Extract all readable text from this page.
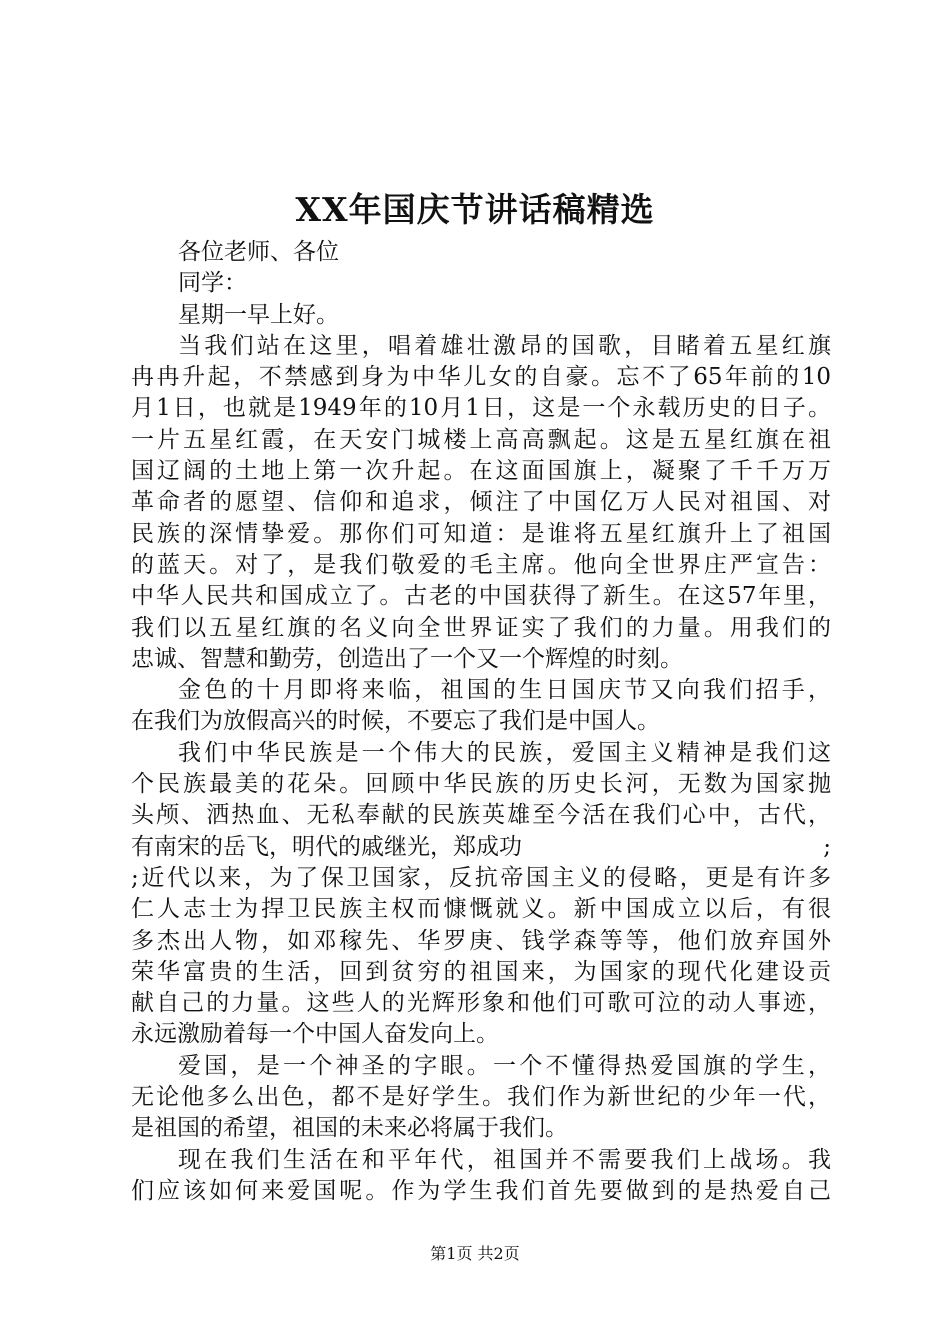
XX年国庆节讲话稿精选
各位老师、各位
同学：
星期一早上好。
当我们站在这里，唱着雄壮激昂的国歌，目睹着五星红旗
冉冉升起，不禁感到身为中华儿女的自豪。忘不了65年前的10
月1日，也就是1949年的10月1日，这是一个永载历史的日子。
一片五星红霞，在天安门城楼上高高飘起。这是五星红旗在祖
国辽阔的土地上第一次升起。在这面国旗上，凝聚了千千万万
革命者的愿望、信仰和追求，倾注了中国亿万人民对祖国、对
民族的深情挚爱。那你们可知道：是谁将五星红旗升上了祖国
的蓝天。对了，是我们敬爱的毛主席。他向全世界庄严宣告：
中华人民共和国成立了。古老的中国获得了新生。在这57年里，
我们以五星红旗的名义向全世界证实了我们的力量。用我们的
忠诚、智慧和勤劳，创造出了一个又一个辉煌的时刻。
金色的十月即将来临，祖国的生日国庆节又向我们招手，
在我们为放假高兴的时候，不要忘了我们是中国人。
我们中华民族是一个伟大的民族，爱国主义精神是我们这
个民族最美的花朵。回顾中华民族的历史长河，无数为国家抛
头颅、洒热血、无私奉献的民族英雄至今活在我们心中，古代，
有南宋的岳飞，明代的戚继光，郑成功	;
;近代以来，为了保卫国家，反抗帝国主义的侵略，更是有许多
仁人志士为捍卫民族主权而慷慨就义。新中国成立以后，有很
多杰出人物，如邓稼先、华罗庚、钱学森等等，他们放弃国外
荣华富贵的生活，回到贫穷的祖国来，为国家的现代化建设贡
献自己的力量。这些人的光辉形象和他们可歌可泣的动人事迹，
永远激励着每一个中国人奋发向上。
爱国，是一个神圣的字眼。一个不懂得热爱国旗的学生，
无论他多么出色，都不是好学生。我们作为新世纪的少年一代，
是祖国的希望，祖国的未来必将属于我们。
现在我们生活在和平年代，祖国并不需要我们上战场。我
们应该如何来爱国呢。作为学生我们首先要做到的是热爱自己
第1页 共2页
